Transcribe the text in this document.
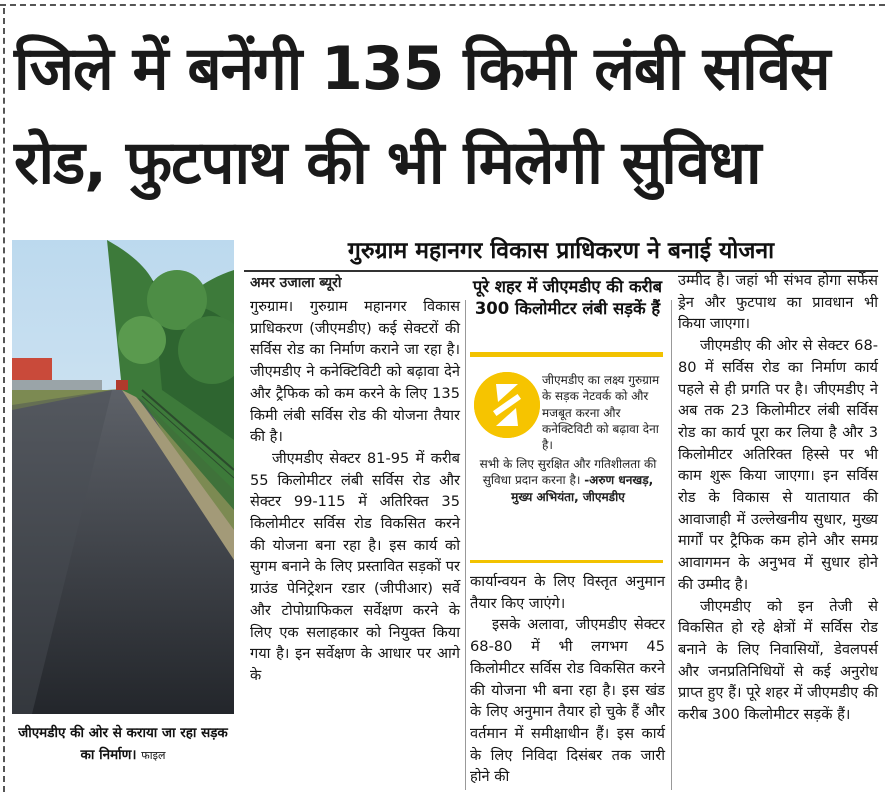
जिले में बनेंगी 135 किमी लंबी सर्विस
रोड, फुटपाथ की भी मिलेगी सुविधा
जीएमडीए की ओर से कराया जा रहा सड़क का निर्माण। फाइल
गुरुग्राम महानगर विकास प्राधिकरण ने बनाई योजना
अमर उजाला ब्यूरो

गुरुग्राम। गुरुग्राम महानगर विकास प्राधिकरण (जीएमडीए) कई सेक्टरों की सर्विस रोड का निर्माण कराने जा रहा है। जीएमडीए ने कनेक्टिविटी को बढ़ावा देने और ट्रैफिक को कम करने के लिए 135 किमी लंबी सर्विस रोड की योजना तैयार की है।

जीएमडीए सेक्टर 81-95 में करीब 55 किलोमीटर लंबी सर्विस रोड और सेक्टर 99-115 में अतिरिक्त 35 किलोमीटर सर्विस रोड विकसित करने की योजना बना रहा है। इस कार्य को सुगम बनाने के लिए प्रस्तावित सड़कों पर ग्राउंड पेनिट्रेशन रडार (जीपीआर) सर्वे और टोपोग्राफिकल सर्वेक्षण करने के लिए एक सलाहकार को नियुक्त किया गया है। इन सर्वेक्षण के आधार पर आगे के

पूरे शहर में जीएमडीए की करीब 300 किलोमीटर लंबी सड़कें हैं
जीएमडीए का लक्ष्य गुरुग्राम के सड़क नेटवर्क को और मजबूत करना और कनेक्टिविटी को बढ़ावा देना है।
सभी के लिए सुरक्षित और गतिशीलता की सुविधा प्रदान करना है। -अरुण धनखड़, मुख्य अभियंता, जीएमडीए

कार्यान्वयन के लिए विस्तृत अनुमान तैयार किए जाएंगे।

इसके अलावा, जीएमडीए सेक्टर 68-80 में भी लगभग 45 किलोमीटर सर्विस रोड विकसित करने की योजना भी बना रहा है। इस खंड के लिए अनुमान तैयार हो चुके हैं और वर्तमान में समीक्षाधीन हैं। इस कार्य के लिए निविदा दिसंबर तक जारी होने की

उम्मीद है। जहां भी संभव होगा सर्फेस ड्रेन और फुटपाथ का प्रावधान भी किया जाएगा।

जीएमडीए की ओर से सेक्टर 68-80 में सर्विस रोड का निर्माण कार्य पहले से ही प्रगति पर है। जीएमडीए ने अब तक 23 किलोमीटर लंबी सर्विस रोड का कार्य पूरा कर लिया है और 3 किलोमीटर अतिरिक्त हिस्से पर भी काम शुरू किया जाएगा। इन सर्विस रोड के विकास से यातायात की आवाजाही में उल्लेखनीय सुधार, मुख्य मार्गों पर ट्रैफिक कम होने और समग्र आवागमन के अनुभव में सुधार होने की उम्मीद है।

जीएमडीए को इन तेजी से विकसित हो रहे क्षेत्रों में सर्विस रोड बनाने के लिए निवासियों, डेवलपर्स और जनप्रतिनिधियों से कई अनुरोध प्राप्त हुए हैं। पूरे शहर में जीएमडीए की करीब 300 किलोमीटर सड़कें हैं।
